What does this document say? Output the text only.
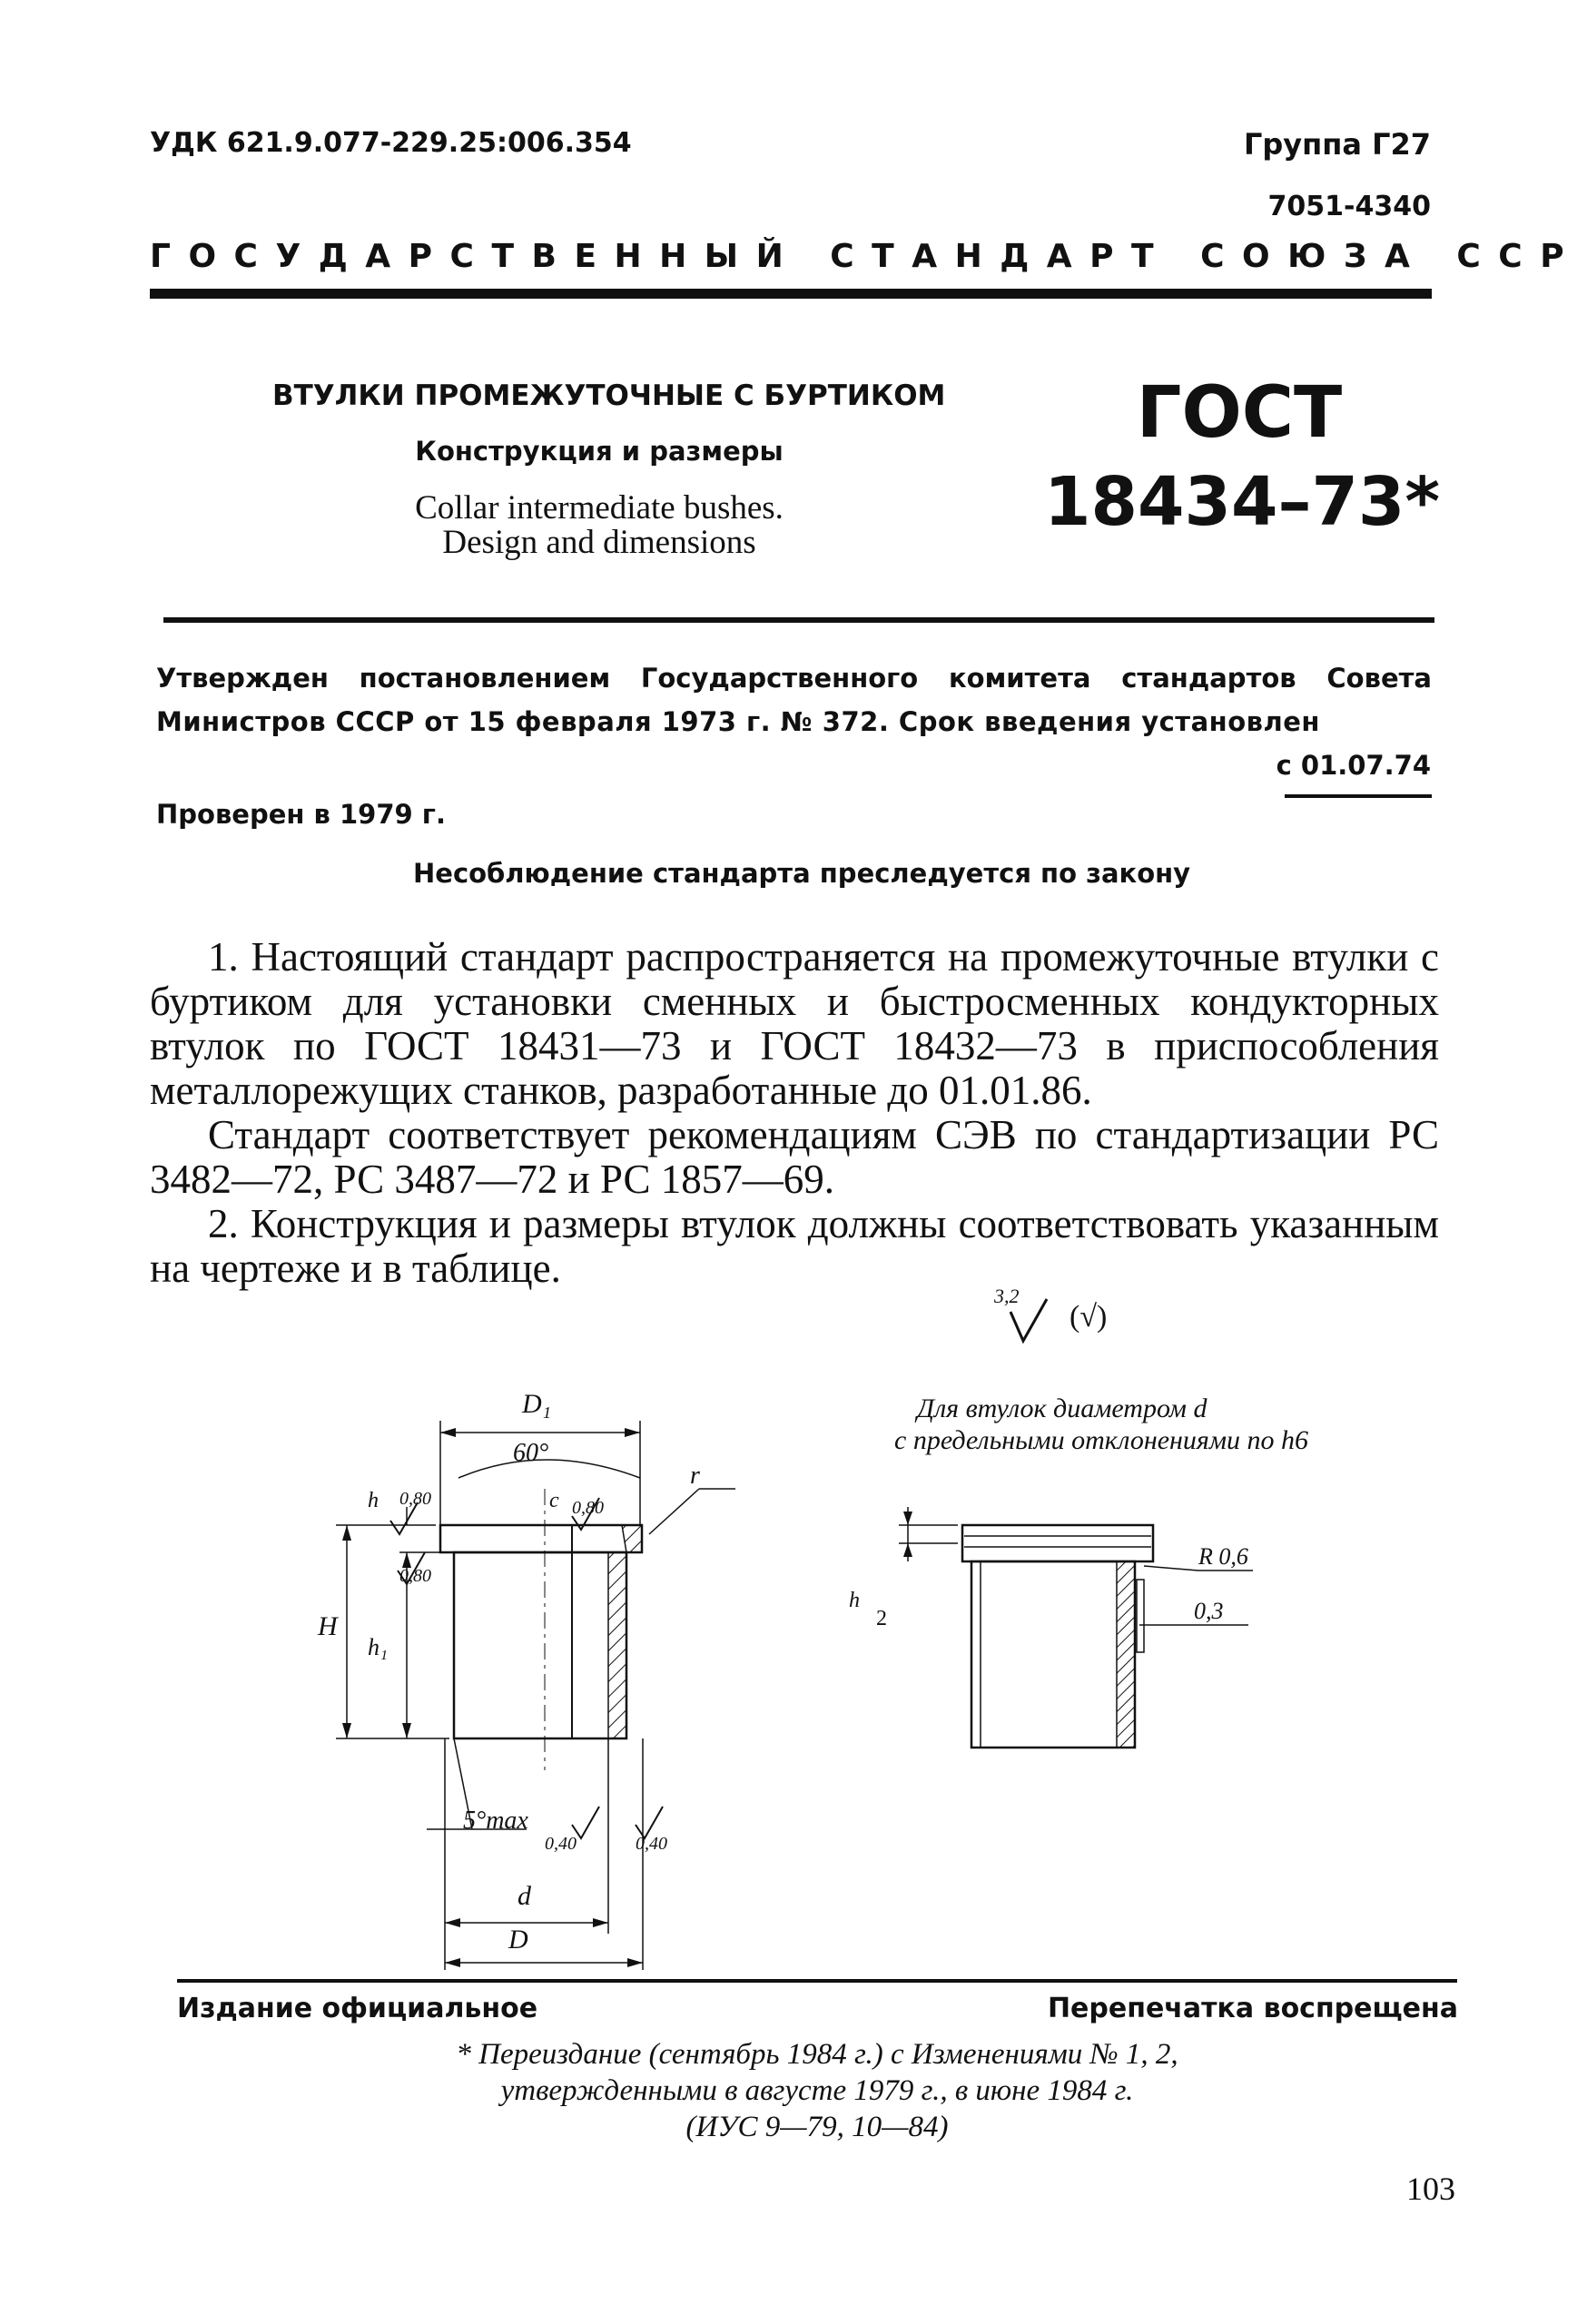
УДК 621.9.077-229.25:006.354	Группа Г27
7051-4340
ГОСУДАРСТВЕННЫЙ СТАНДАРТ СОЮЗА ССР
ВТУЛКИ ПРОМЕЖУТОЧНЫЕ С БУРТИКОМ
Конструкция и размеры
Collar intermediate bushes.
Design and dimensions
ГОСТ
18434–73*
Утвержден постановлением Государственного комитета стандартов Совета
Министров СССР от 15 февраля 1973 г. № 372. Срок введения установлен
с 01.07.74
Проверен в 1979 г.
Несоблюдение стандарта преследуется по закону

1. Настоящий стандарт распространяется на промежуточные втулки с буртиком для установки сменных и быстросменных кондукторных втулок по ГОСТ 18431—73 и ГОСТ 18432—73 в приспособления металлорежущих станков, разработанные до 01.01.86.

Стандарт соответствует рекомендациям СЭВ по стандартизации РС 3482—72, РС 3487—72 и РС 1857—69.

2. Конструкция и размеры втулок должны соответствовать указанным на чертеже и в таблице.

3,2
(√)
Для втулок диаметром d
с предельными отклонениями по h6
D₁
60°
r
h 0,80	c 0,80
H
0,80
h₁
5°max
0,40	0,40
d
D
R 0,6
0,3
h
2
Издание официальное	Перепечатка воспрещена
* Переиздание (сентябрь 1984 г.) с Изменениями № 1, 2,
утвержденными в августе 1979 г., в июне 1984 г.
(ИУС 9—79, 10—84)
103
